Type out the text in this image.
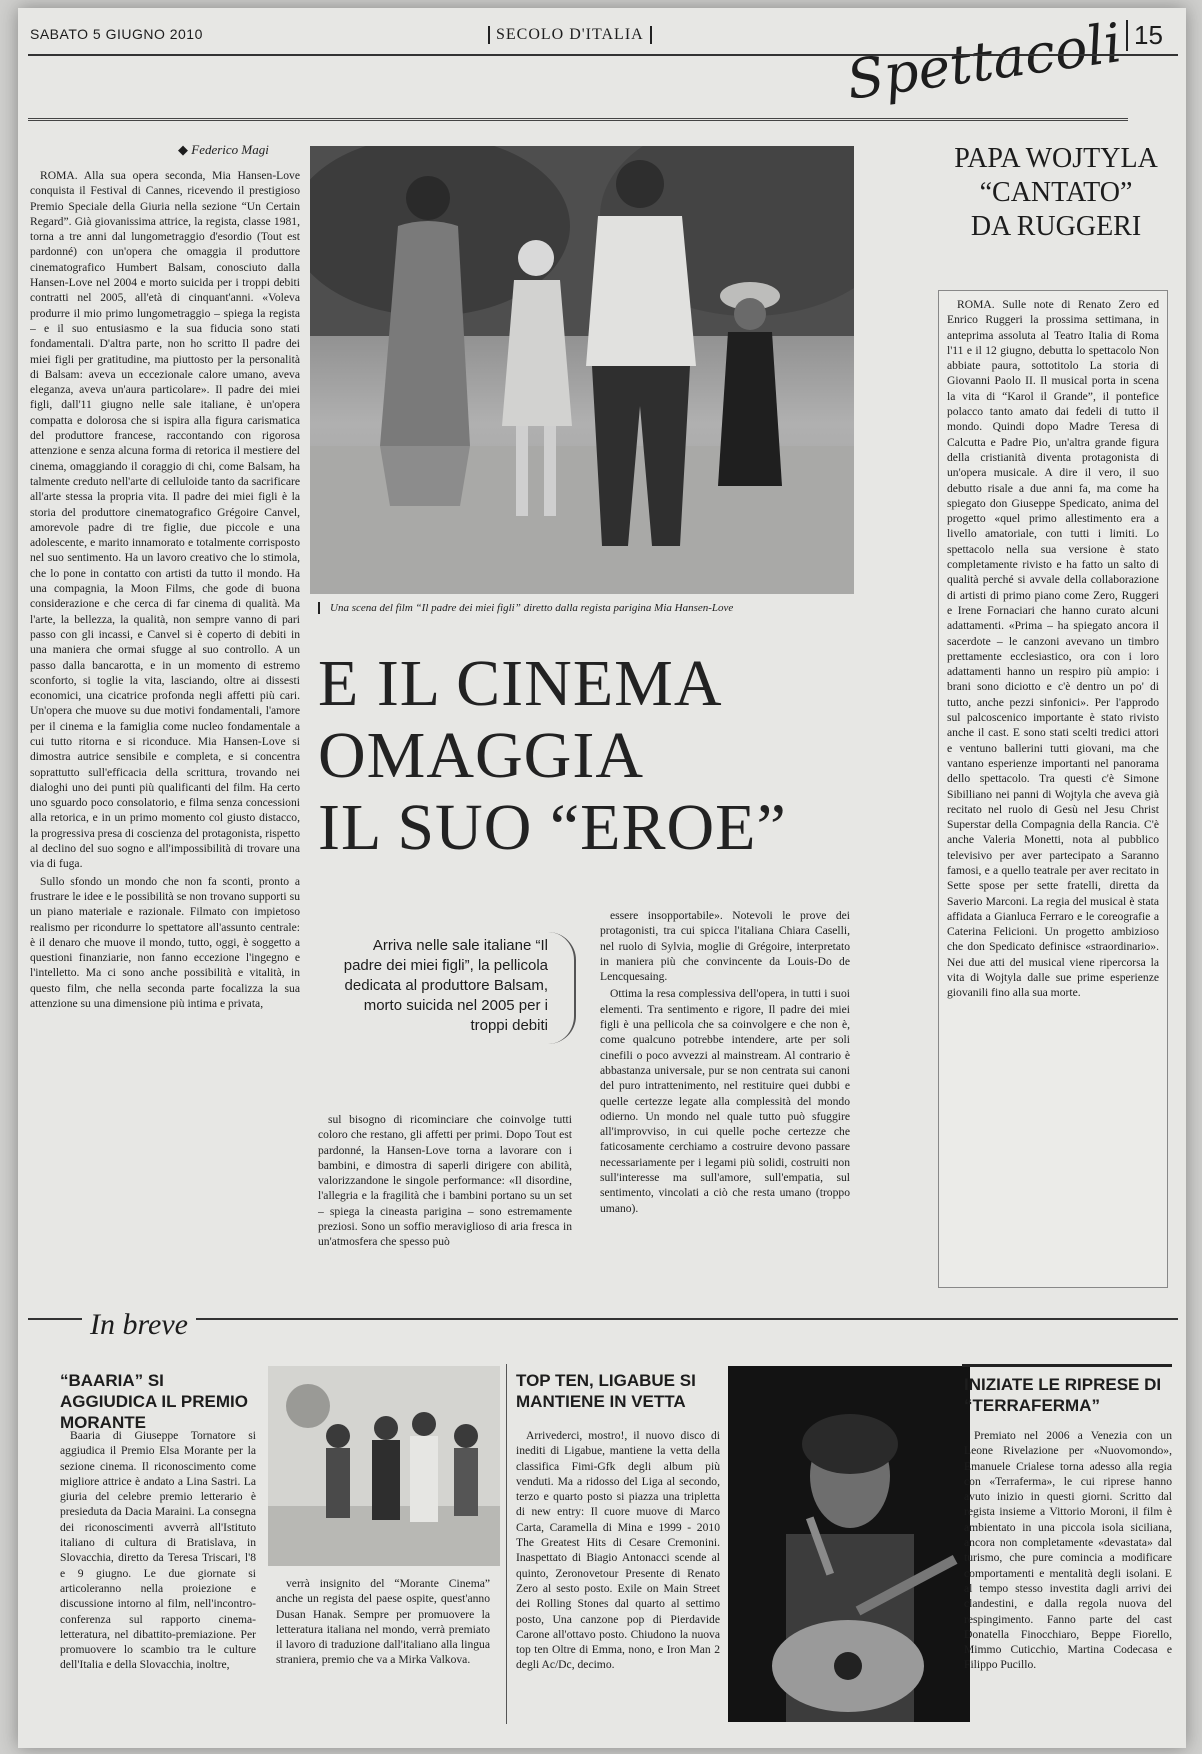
SABATO 5 GIUGNO 2010	SECOLO D'ITALIA	Spettacoli 15
◆ Federico Magi

ROMA. Alla sua opera seconda, Mia Hansen-Love conquista il Festival di Cannes, ricevendo il prestigioso Premio Speciale della Giuria nella sezione “Un Certain Regard”. Già giovanissima attrice, la regista, classe 1981, torna a tre anni dal lungometraggio d'esordio (Tout est pardonné) con un'opera che omaggia il produttore cinematografico Humbert Balsam, conosciuto dalla Hansen-Love nel 2004 e morto suicida per i troppi debiti contratti nel 2005, all'età di cinquant'anni. «Voleva produrre il mio primo lungometraggio – spiega la regista – e il suo entusiasmo e la sua fiducia sono stati fondamentali. D'altra parte, non ho scritto Il padre dei miei figli per gratitudine, ma piuttosto per la personalità di Balsam: aveva un eccezionale calore umano, aveva eleganza, aveva un'aura particolare». Il padre dei miei figli, dall'11 giugno nelle sale italiane, è un'opera compatta e dolorosa che si ispira alla figura carismatica del produttore francese, raccontando con rigorosa attenzione e senza alcuna forma di retorica il mestiere del cinema, omaggiando il coraggio di chi, come Balsam, ha talmente creduto nell'arte di celluloide tanto da sacrificare all'arte stessa la propria vita. Il padre dei miei figli è la storia del produttore cinematografico Grégoire Canvel, amorevole padre di tre figlie, due piccole e una adolescente, e marito innamorato e totalmente corrisposto nel suo sentimento. Ha un lavoro creativo che lo stimola, che lo pone in contatto con artisti da tutto il mondo. Ha una compagnia, la Moon Films, che gode di buona considerazione e che cerca di far cinema di qualità. Ma l'arte, la bellezza, la qualità, non sempre vanno di pari passo con gli incassi, e Canvel si è coperto di debiti in una maniera che ormai sfugge al suo controllo. A un passo dalla bancarotta, e in un momento di estremo sconforto, si toglie la vita, lasciando, oltre ai dissesti economici, una cicatrice profonda negli affetti più cari. Un'opera che muove su due motivi fondamentali, l'amore per il cinema e la famiglia come nucleo fondamentale a cui tutto ritorna e si riconduce. Mia Hansen-Love si dimostra autrice sensibile e completa, e si concentra soprattutto sull'efficacia della scrittura, trovando nei dialoghi uno dei punti più qualificanti del film. Ha certo uno sguardo poco consolatorio, e filma senza concessioni alla retorica, e in un primo momento col giusto distacco, la progressiva presa di coscienza del protagonista, rispetto al declino del suo sogno e all'impossibilità di trovare una via di fuga.

Sullo sfondo un mondo che non fa sconti, pronto a frustrare le idee e le possibilità se non trovano supporti su un piano materiale e razionale. Filmato con impietoso realismo per ricondurre lo spettatore all'assunto centrale: è il denaro che muove il mondo, tutto, oggi, è soggetto a questioni finanziarie, non fanno eccezione l'ingegno e l'intelletto. Ma ci sono anche possibilità e vitalità, in questo film, che nella seconda parte focalizza la sua attenzione su una dimensione più intima e privata,

Una scena del film “Il padre dei miei figli” diretto dalla regista parigina Mia Hansen-Love
E IL CINEMA
OMAGGIA
IL SUO “EROE”
Arriva nelle sale italiane “Il padre dei miei figli”, la pellicola dedicata al produttore Balsam, morto suicida nel 2005 per i troppi debiti

sul bisogno di ricominciare che coinvolge tutti coloro che restano, gli affetti per primi. Dopo Tout est pardonné, la Hansen-Love torna a lavorare con i bambini, e dimostra di saperli dirigere con abilità, valorizzandone le singole performance: «Il disordine, l'allegria e la fragilità che i bambini portano su un set – spiega la cineasta parigina – sono estremamente preziosi. Sono un soffio meraviglioso di aria fresca in un'atmosfera che spesso può

essere insopportabile». Notevoli le prove dei protagonisti, tra cui spicca l'italiana Chiara Caselli, nel ruolo di Sylvia, moglie di Grégoire, interpretato in maniera più che convincente da Louis-Do de Lencquesaing.

Ottima la resa complessiva dell'opera, in tutti i suoi elementi. Tra sentimento e rigore, Il padre dei miei figli è una pellicola che sa coinvolgere e che non è, come qualcuno potrebbe intendere, arte per soli cinefili o poco avvezzi al mainstream. Al contrario è abbastanza universale, pur se non centrata sui canoni del puro intrattenimento, nel restituire quei dubbi e quelle certezze legate alla complessità del mondo odierno. Un mondo nel quale tutto può sfuggire all'improvviso, in cui quelle poche certezze che faticosamente cerchiamo a costruire devono passare necessariamente per i legami più solidi, costruiti non sull'interesse ma sull'amore, sull'empatia, sul sentimento, vincolati a ciò che resta umano (troppo umano).

PAPA WOJTYLA
“CANTATO”
DA RUGGERI

ROMA. Sulle note di Renato Zero ed Enrico Ruggeri la prossima settimana, in anteprima assoluta al Teatro Italia di Roma l'11 e il 12 giugno, debutta lo spettacolo Non abbiate paura, sottotitolo La storia di Giovanni Paolo II. Il musical porta in scena la vita di “Karol il Grande”, il pontefice polacco tanto amato dai fedeli di tutto il mondo. Quindi dopo Madre Teresa di Calcutta e Padre Pio, un'altra grande figura della cristianità diventa protagonista di un'opera musicale. A dire il vero, il suo debutto risale a due anni fa, ma come ha spiegato don Giuseppe Spedicato, anima del progetto «quel primo allestimento era a livello amatoriale, con tutti i limiti. Lo spettacolo nella sua versione è stato completamente rivisto e ha fatto un salto di qualità perché si avvale della collaborazione di artisti di primo piano come Zero, Ruggeri e Irene Fornaciari che hanno curato alcuni adattamenti. «Prima – ha spiegato ancora il sacerdote – le canzoni avevano un timbro prettamente ecclesiastico, ora con i loro adattamenti hanno un respiro più ampio: i brani sono diciotto e c'è dentro un po' di tutto, anche pezzi sinfonici». Per l'approdo sul palcoscenico importante è stato rivisto anche il cast. E sono stati scelti tredici attori e ventuno ballerini tutti giovani, ma che vantano esperienze importanti nel panorama dello spettacolo. Tra questi c'è Simone Sibilliano nei panni di Wojtyla che aveva già recitato nel ruolo di Gesù nel Jesu Christ Superstar della Compagnia della Rancia. C'è anche Valeria Monetti, nota al pubblico televisivo per aver partecipato a Saranno famosi, e a quello teatrale per aver recitato in Sette spose per sette fratelli, diretta da Saverio Marconi. La regia del musical è stata affidata a Gianluca Ferraro e le coreografie a Caterina Felicioni. Un progetto ambizioso che don Spedicato definisce «straordinario». Nei due atti del musical viene ripercorsa la vita di Wojtyla dalle sue prime esperienze giovanili fino alla sua morte.

In breve
“BAARIA” SI AGGIUDICA IL PREMIO MORANTE

Baaria di Giuseppe Tornatore si aggiudica il Premio Elsa Morante per la sezione cinema. Il riconoscimento come migliore attrice è andato a Lina Sastri. La giuria del celebre premio letterario è presieduta da Dacia Maraini. La consegna dei riconoscimenti avverrà all'Istituto italiano di cultura di Bratislava, in Slovacchia, diretto da Teresa Triscari, l'8 e 9 giugno. Le due giornate si articoleranno nella proiezione e discussione intorno al film, nell'incontro-conferenza sul rapporto cinema-letteratura, nel dibattito-premiazione. Per promuovere lo scambio tra le culture dell'Italia e della Slovacchia, inoltre,

verrà insignito del “Morante Cinema” anche un regista del paese ospite, quest'anno Dusan Hanak. Sempre per promuovere la letteratura italiana nel mondo, verrà premiato il lavoro di traduzione dall'italiano alla lingua straniera, premio che va a Mirka Valkova.

TOP TEN, LIGABUE SI MANTIENE IN VETTA

Arrivederci, mostro!, il nuovo disco di inediti di Ligabue, mantiene la vetta della classifica Fimi-Gfk degli album più venduti. Ma a ridosso del Liga al secondo, terzo e quarto posto si piazza una tripletta di new entry: Il cuore muove di Marco Carta, Caramella di Mina e 1999 - 2010 The Greatest Hits di Cesare Cremonini. Inaspettato di Biagio Antonacci scende al quinto, Zeronovetour Presente di Renato Zero al sesto posto. Exile on Main Street dei Rolling Stones dal quarto al settimo posto, Una canzone pop di Pierdavide Carone all'ottavo posto. Chiudono la nuova top ten Oltre di Emma, nono, e Iron Man 2 degli Ac/Dc, decimo.

INIZIATE LE RIPRESE DI “TERRAFERMA”

Premiato nel 2006 a Venezia con un Leone Rivelazione per «Nuovomondo», Emanuele Crialese torna adesso alla regia con «Terraferma», le cui riprese hanno avuto inizio in questi giorni. Scritto dal regista insieme a Vittorio Moroni, il film è ambientato in una piccola isola siciliana, ancora non completamente «devastata» dal turismo, che pure comincia a modificare comportamenti e mentalità degli isolani. E al tempo stesso investita dagli arrivi dei clandestini, e dalla regola nuova del respingimento. Fanno parte del cast Donatella Finocchiaro, Beppe Fiorello, Mimmo Cuticchio, Martina Codecasa e Filippo Pucillo.
